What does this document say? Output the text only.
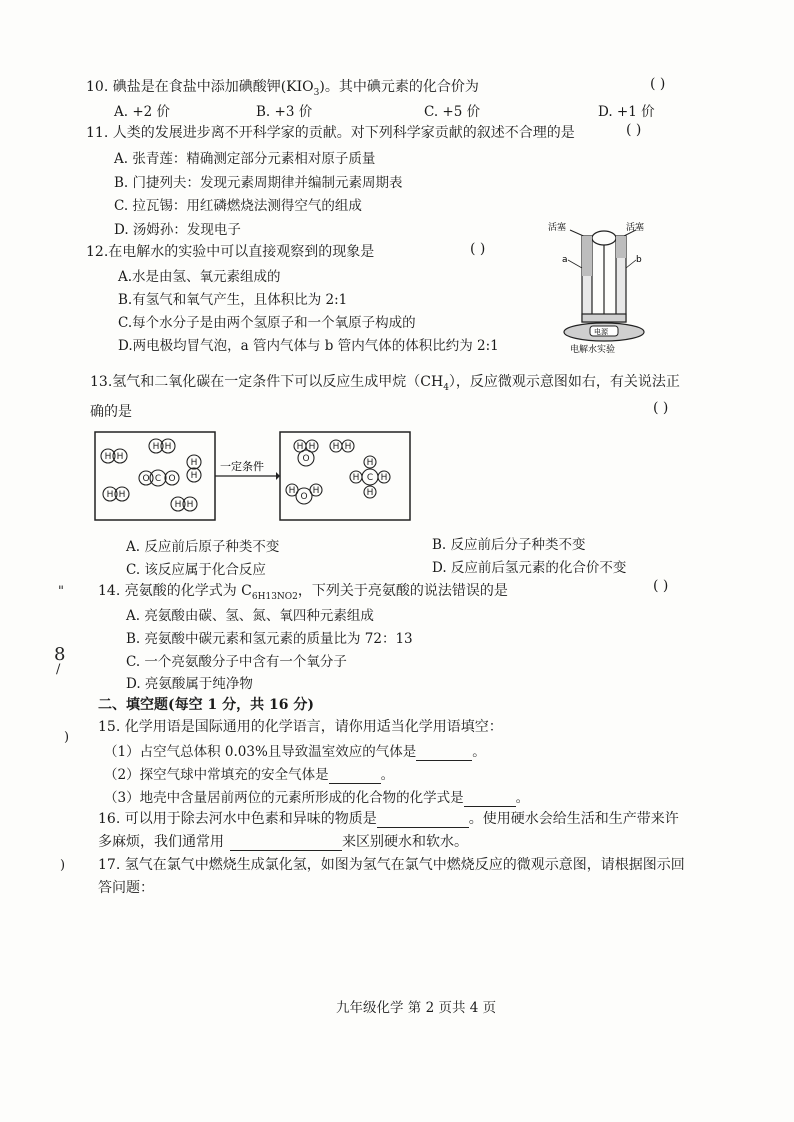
10. 碘盐是在食盐中添加碘酸钾$(KIO_3)$。其中碘元素的化合价为	( )
A. +2 价	B. +3 价	C. +5 价	D. +1 价
11. 人类的发展进步离不开科学家的贡献。对下列科学家贡献的叙述不合理的是	( )
A. 张青莲：精确测定部分元素相对原子质量
B. 门捷列夫：发现元素周期律并编制元素周期表
C. 拉瓦锡：用红磷燃烧法测得空气的组成
D. 汤姆孙：发现电子
12.在电解水的实验中可以直接观察到的现象是	( )
A.水是由氢、氧元素组成的
B.有氢气和氧气产生，且体积比为 2:1
C.每个水分子是由两个氢原子和一个氧原子构成的
D.两电极均冒气泡，a 管内气体与 b 管内气体的体积比约为 2:1
活塞	活塞
a	b
电源
电解水实验
13.氢气和二氧化碳在一定条件下可以反应生成甲烷$(CH_4)$，反应微观示意图如右，有关说法正
确的是	( )
一定条件
H H
H H
H
H
O C O
H H
H H
H H
O
H H
H
H
H H
C
H H
O
A. 反应前后原子种类不变	B. 反应前后分子种类不变
C. 该反应属于化合反应	D. 反应前后氢元素的化合价不变
14. 亮氨酸的化学式为 $C_{6H13NO2}$，下列关于亮氨酸的说法错误的是	( )
A. 亮氨酸由碳、氢、氮、氧四种元素组成
B. 亮氨酸中碳元素和氢元素的质量比为 72：13
C. 一个亮氨酸分子中含有一个氧分子
D. 亮氨酸属于纯净物
二、填空题(每空 1 分，共 16 分)
15. 化学用语是国际通用的化学语言，请你用适当化学用语填空：
（1）占空气总体积 0.03%且导致温室效应的气体是	。
（2）探空气球中常填充的安全气体是	。
（3）地壳中含量居前两位的元素所形成的化合物的化学式是	。
16. 可以用于除去河水中色素和异味的物质是	。使用硬水会给生活和生产带来许
多麻烦，我们通常用	来区别硬水和软水。
17. 氢气在氯气中燃烧生成氯化氢，如图为氢气在氯气中燃烧反应的微观示意图，请根据图示回
答问题：
"
8
/
)
)
九年级化学 第 2 页共 4 页
